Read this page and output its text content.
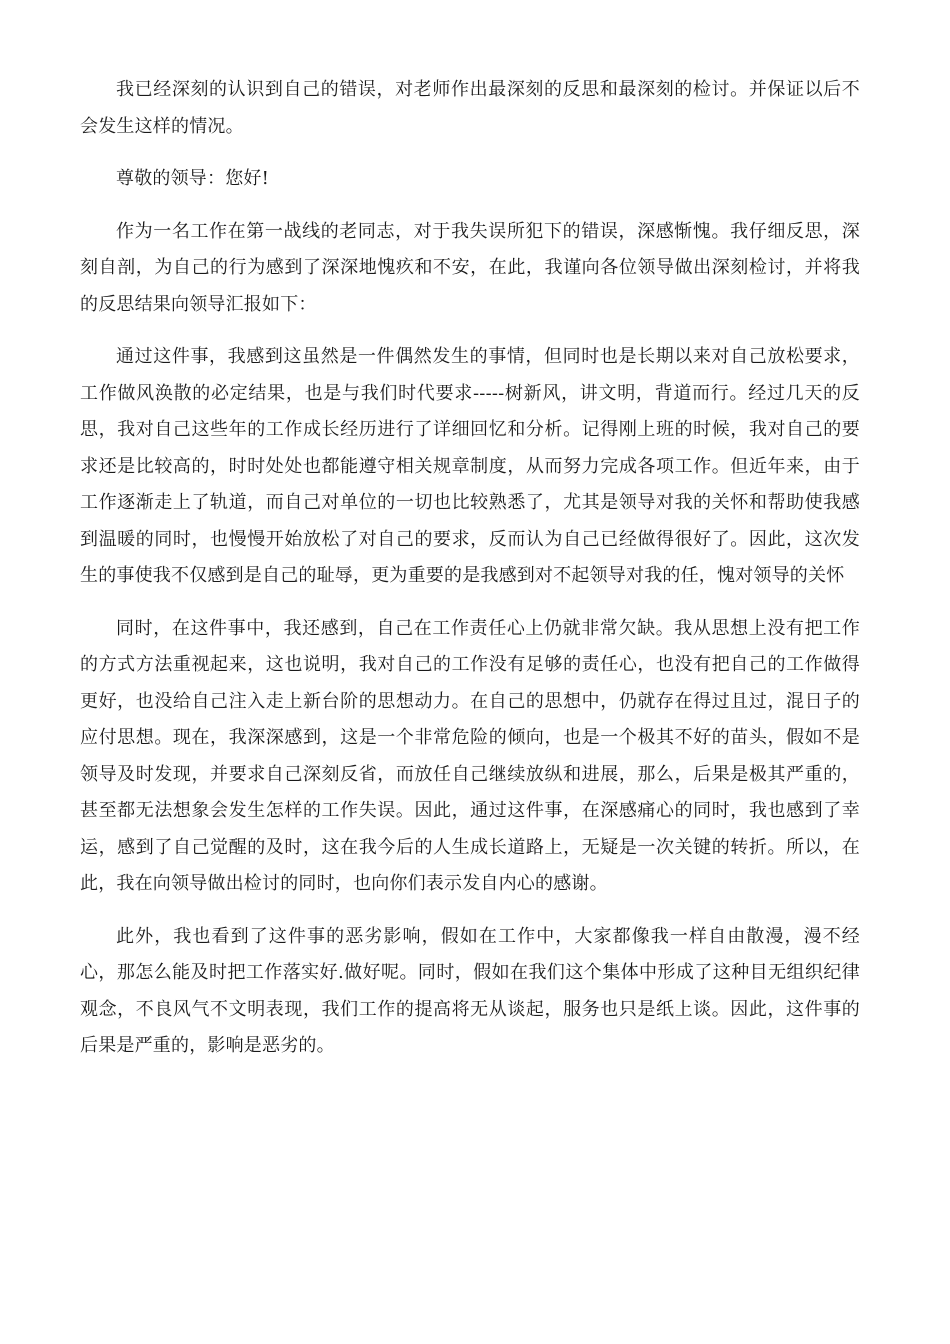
我已经深刻的认识到自己的错误，对老师作出最深刻的反思和最深刻的检讨。并保证以后不会发生这样的情况。

尊敬的领导：您好!

作为一名工作在第一战线的老同志，对于我失误所犯下的错误，深感惭愧。我仔细反思，深刻自剖，为自己的行为感到了深深地愧疚和不安，在此，我谨向各位领导做出深刻检讨，并将我的反思结果向领导汇报如下：

通过这件事，我感到这虽然是一件偶然发生的事情，但同时也是长期以来对自己放松要求，工作做风涣散的必定结果，也是与我们时代要求-----树新风，讲文明，背道而行。经过几天的反思，我对自己这些年的工作成长经历进行了详细回忆和分析。记得刚上班的时候，我对自己的要求还是比较高的，时时处处也都能遵守相关规章制度，从而努力完成各项工作。但近年来，由于工作逐渐走上了轨道，而自己对单位的一切也比较熟悉了，尤其是领导对我的关怀和帮助使我感到温暖的同时，也慢慢开始放松了对自己的要求，反而认为自己已经做得很好了。因此，这次发生的事使我不仅感到是自己的耻辱，更为重要的是我感到对不起领导对我的任，愧对领导的关怀

同时，在这件事中，我还感到，自己在工作责任心上仍就非常欠缺。我从思想上没有把工作的方式方法重视起来，这也说明，我对自己的工作没有足够的责任心，也没有把自己的工作做得更好，也没给自己注入走上新台阶的思想动力。在自己的思想中，仍就存在得过且过，混日子的应付思想。现在，我深深感到，这是一个非常危险的倾向，也是一个极其不好的苗头，假如不是领导及时发现，并要求自己深刻反省，而放任自己继续放纵和进展，那么，后果是极其严重的，甚至都无法想象会发生怎样的工作失误。因此，通过这件事，在深感痛心的同时，我也感到了幸运，感到了自己觉醒的及时，这在我今后的人生成长道路上，无疑是一次关键的转折。所以，在此，我在向领导做出检讨的同时，也向你们表示发自内心的感谢。

此外，我也看到了这件事的恶劣影响，假如在工作中，大家都像我一样自由散漫，漫不经心，那怎么能及时把工作落实好.做好呢。同时，假如在我们这个集体中形成了这种目无组织纪律观念，不良风气不文明表现，我们工作的提高将无从谈起，服务也只是纸上谈。因此，这件事的后果是严重的，影响是恶劣的。
